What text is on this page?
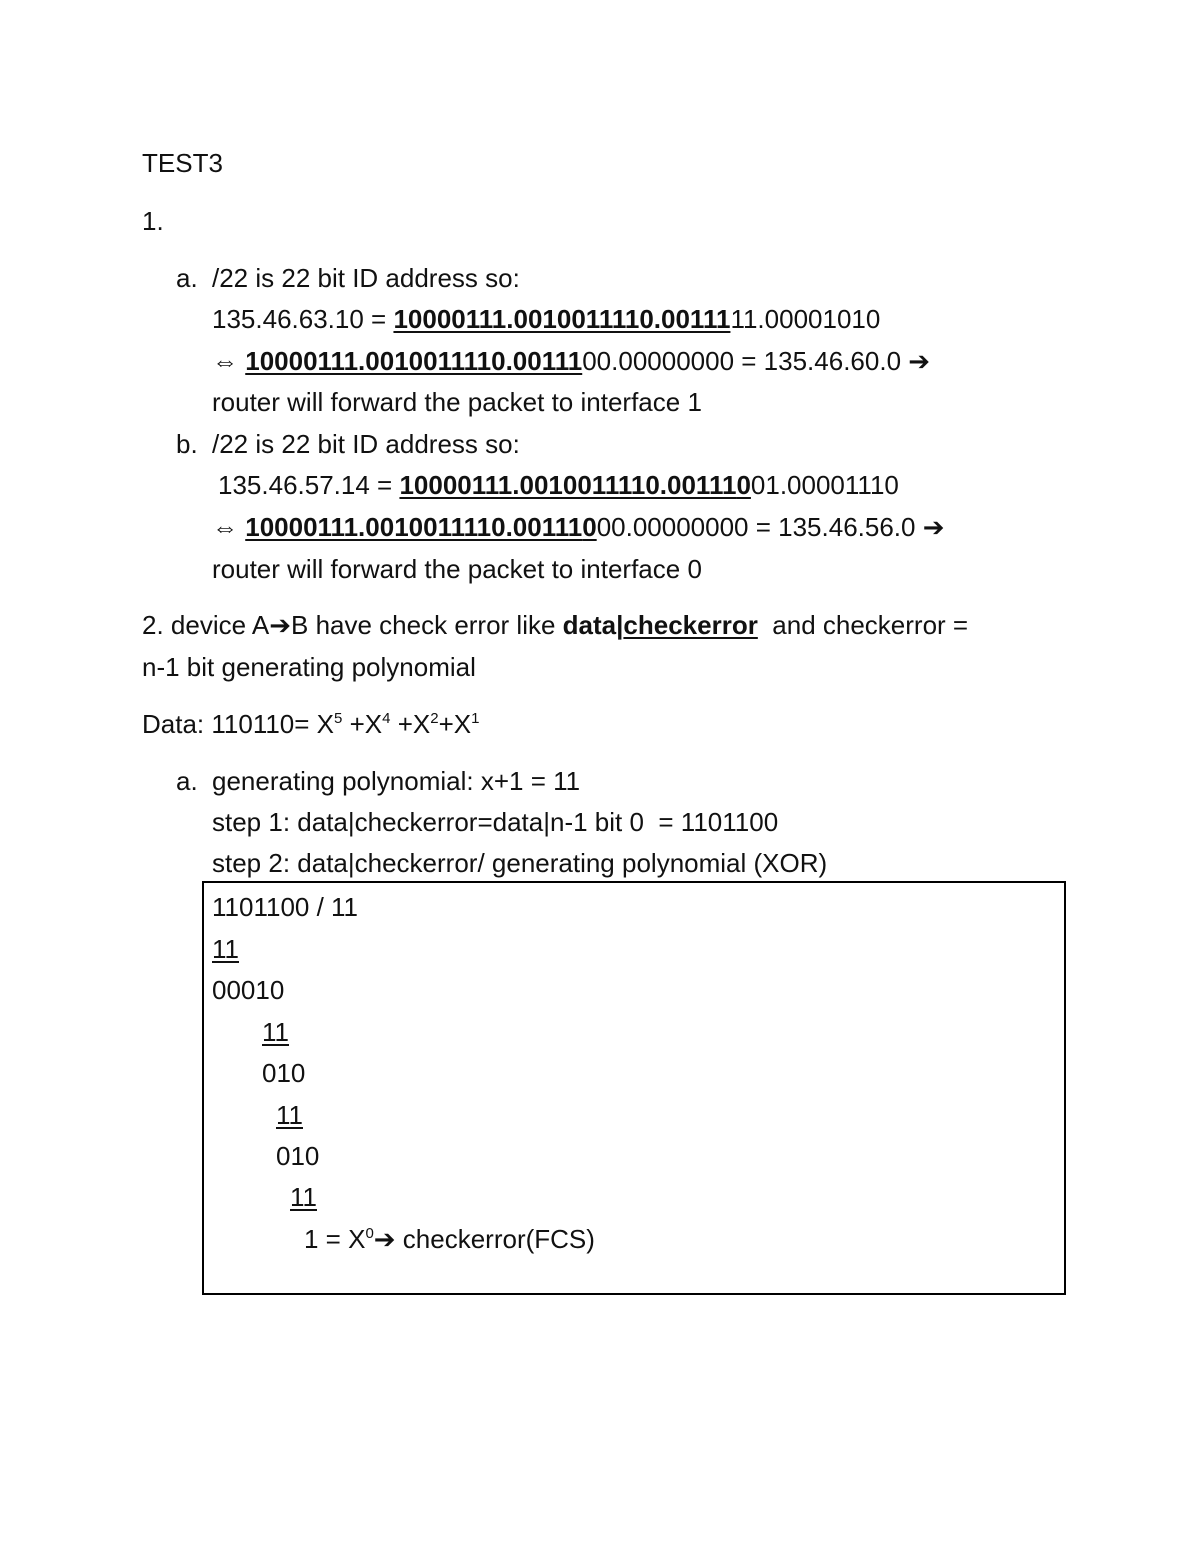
TEST3
1.
a. /22 is 22 bit ID address so:
135.46.63.10 = 10000111.0010011110.0011111.00001010
⇔ 10000111.0010011110.0011100.00000000 = 135.46.60.0 ➔
router will forward the packet to interface 1
b. /22 is 22 bit ID address so:
135.46.57.14 = 10000111.0010011110.00111001.00001110
⇔ 10000111.0010011110.00111000.00000000 = 135.46.56.0 ➔
router will forward the packet to interface 0
2. device A➔B have check error like data|checkerror  and checkerror =
n-1 bit generating polynomial
Data: $110110= X^5 +X^4 +X^2+X^1$
a. generating polynomial: x+1 = 11
step 1: data|checkerror=data|n-1 bit 0  = 1101100
step 2: data|checkerror/ generating polynomial (XOR)
1101100 / 11
11
00010
11
010
11
010
11
$1 = X^0➔$ checkerror(FCS)
